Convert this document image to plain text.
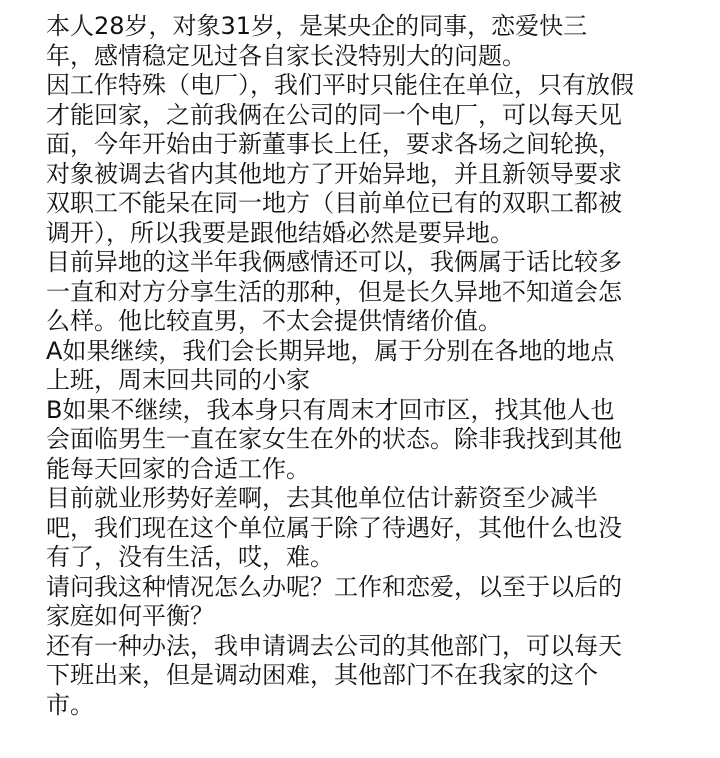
本人28岁，对象31岁，是某央企的同事，恋爱快三
年，感情稳定见过各自家长没特别大的问题。
因工作特殊（电厂），我们平时只能住在单位，只有放假
才能回家，之前我俩在公司的同一个电厂，可以每天见
面，今年开始由于新董事长上任，要求各场之间轮换，
对象被调去省内其他地方了开始异地，并且新领导要求
双职工不能呆在同一地方（目前单位已有的双职工都被
调开），所以我要是跟他结婚必然是要异地。
目前异地的这半年我俩感情还可以，我俩属于话比较多
一直和对方分享生活的那种，但是长久异地不知道会怎
么样。他比较直男，不太会提供情绪价值。
A如果继续，我们会长期异地，属于分别在各地的地点
上班，周末回共同的小家
B如果不继续，我本身只有周末才回市区，找其他人也
会面临男生一直在家女生在外的状态。除非我找到其他
能每天回家的合适工作。
目前就业形势好差啊，去其他单位估计薪资至少减半
吧，我们现在这个单位属于除了待遇好，其他什么也没
有了，没有生活，哎，难。
请问我这种情况怎么办呢？工作和恋爱，以至于以后的
家庭如何平衡？
还有一种办法，我申请调去公司的其他部门，可以每天
下班出来，但是调动困难，其他部门不在我家的这个
市。
